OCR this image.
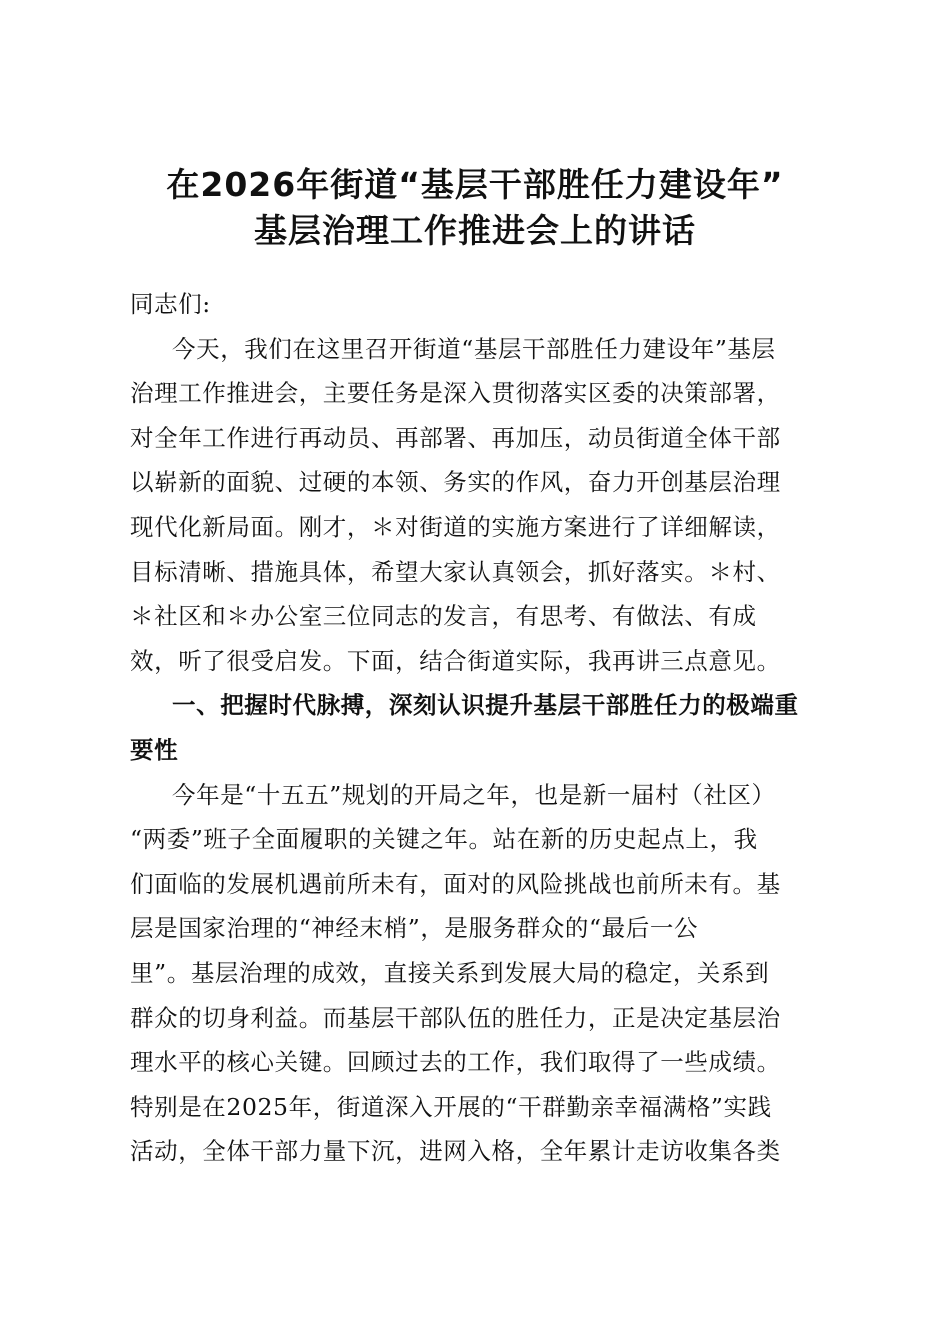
在2026年街道“基层干部胜任力建设年”
基层治理工作推进会上的讲话
同志们:
今天，我们在这里召开街道“基层干部胜任力建设年”基层
治理工作推进会，主要任务是深入贯彻落实区委的决策部署，
对全年工作进行再动员、再部署、再加压，动员街道全体干部
以崭新的面貌、过硬的本领、务实的作风，奋力开创基层治理
现代化新局面。刚才，＊对街道的实施方案进行了详细解读，
目标清晰、措施具体，希望大家认真领会，抓好落实。＊村、
＊社区和＊办公室三位同志的发言，有思考、有做法、有成
效，听了很受启发。下面，结合街道实际，我再讲三点意见。
一、把握时代脉搏，深刻认识提升基层干部胜任力的极端重
要性
今年是“十五五”规划的开局之年，也是新一届村（社区）
“两委”班子全面履职的关键之年。站在新的历史起点上，我
们面临的发展机遇前所未有，面对的风险挑战也前所未有。基
层是国家治理的“神经末梢”，是服务群众的“最后一公
里”。基层治理的成效，直接关系到发展大局的稳定，关系到
群众的切身利益。而基层干部队伍的胜任力，正是决定基层治
理水平的核心关键。回顾过去的工作，我们取得了一些成绩。
特别是在2025年，街道深入开展的“干群勤亲幸福满格”实践
活动，全体干部力量下沉，进网入格，全年累计走访收集各类
